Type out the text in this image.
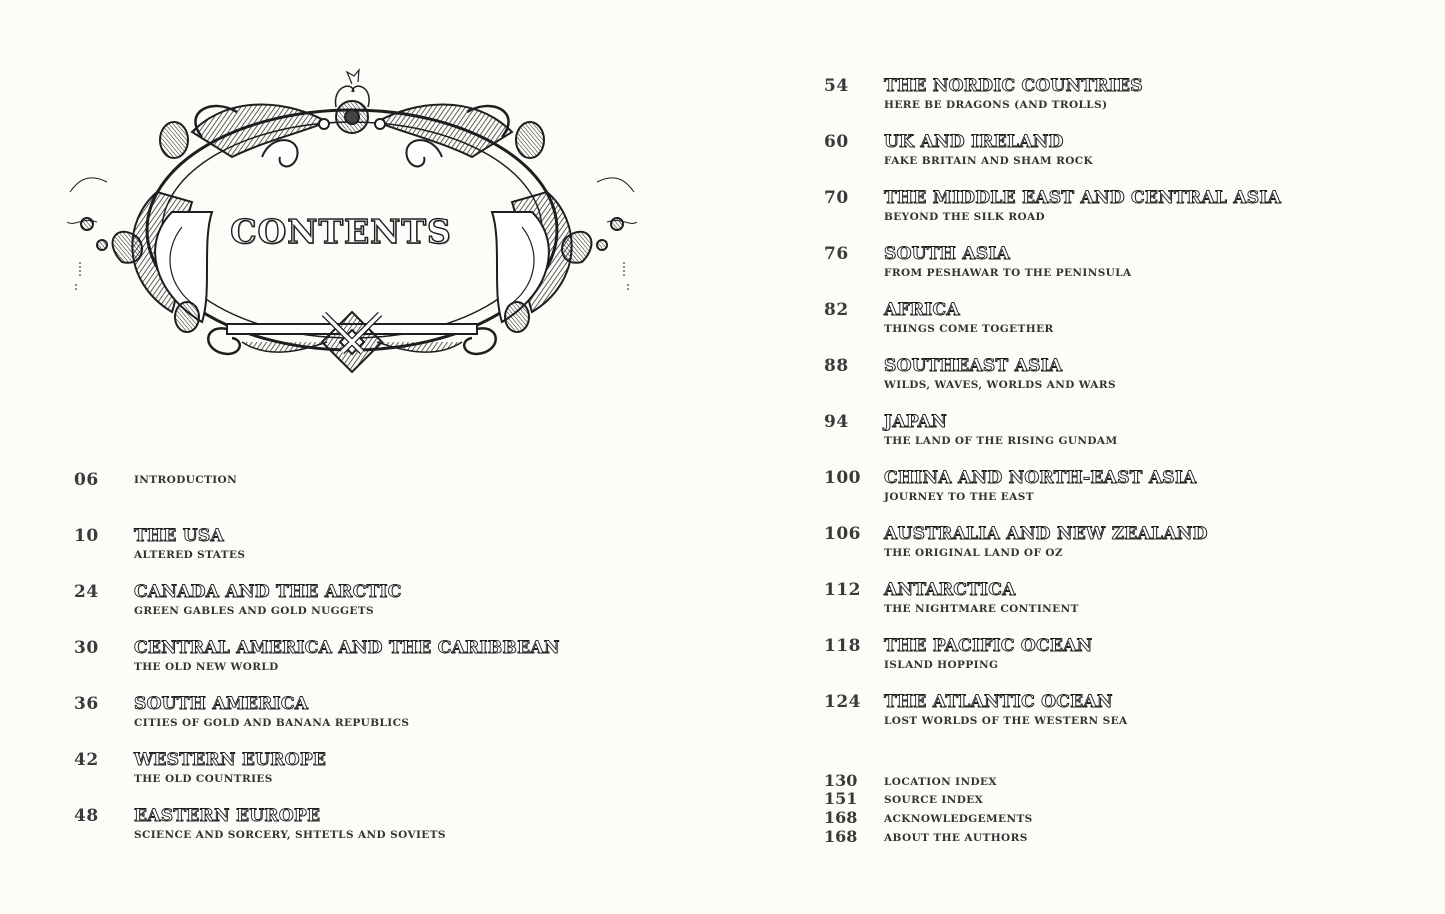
CONTENTS
06	INTRODUCTION
10 THE USA
ALTERED STATES
24 CANADA AND THE ARCTIC
GREEN GABLES AND GOLD NUGGETS
30 CENTRAL AMERICA AND THE CARIBBEAN
THE OLD NEW WORLD
36 SOUTH AMERICA
CITIES OF GOLD AND BANANA REPUBLICS
42 WESTERN EUROPE
THE OLD COUNTRIES
48 EASTERN EUROPE
SCIENCE AND SORCERY, SHTETLS AND SOVIETS
54 THE NORDIC COUNTRIES
HERE BE DRAGONS (AND TROLLS)
60 UK AND IRELAND
FAKE BRITAIN AND SHAM ROCK
70 THE MIDDLE EAST AND CENTRAL ASIA
BEYOND THE SILK ROAD
76 SOUTH ASIA
FROM PESHAWAR TO THE PENINSULA
82 AFRICA
THINGS COME TOGETHER
88 SOUTHEAST ASIA
WILDS, WAVES, WORLDS AND WARS
94 JAPAN
THE LAND OF THE RISING GUNDAM
100 CHINA AND NORTH-EAST ASIA
JOURNEY TO THE EAST
106 AUSTRALIA AND NEW ZEALAND
THE ORIGINAL LAND OF OZ
112 ANTARCTICA
THE NIGHTMARE CONTINENT
118 THE PACIFIC OCEAN
ISLAND HOPPING
124 THE ATLANTIC OCEAN
LOST WORLDS OF THE WESTERN SEA
130	LOCATION INDEX
151	SOURCE INDEX
168	ACKNOWLEDGEMENTS
168	ABOUT THE AUTHORS
